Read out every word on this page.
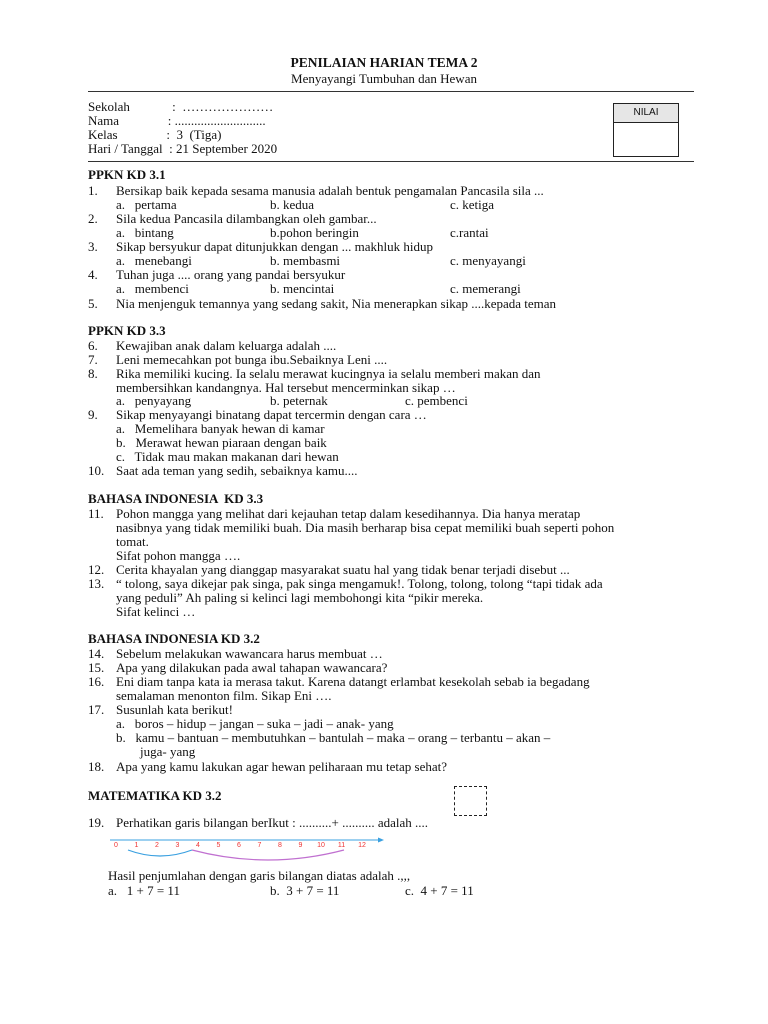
PENILAIAN HARIAN TEMA 2
Menyayangi Tumbuhan dan Hewan
Sekolah             :  …………………
Nama               : ............................
Kelas               :  3  (Tiga)
Hari / Tanggal  : 21 September 2020
NILAI
PPKN KD 3.1
1.	Bersikap baik kepada sesama manusia adalah bentuk pengamalan Pancasila sila ...
a.   pertama	b. kedua	c. ketiga
2.	Sila kedua Pancasila dilambangkan oleh gambar...
a.   bintang	b.pohon beringin	c.rantai
3.	Sikap bersyukur dapat ditunjukkan dengan ... makhluk hidup
a.   menebangi	b. membasmi	c. menyayangi
4.	Tuhan juga .... orang yang pandai bersyukur
a.   membenci	b. mencintai	c. memerangi
5.	Nia menjenguk temannya yang sedang sakit, Nia menerapkan sikap ....kepada teman
PPKN KD 3.3
6.	Kewajiban anak dalam keluarga adalah ....
7.	Leni memecahkan pot bunga ibu.Sebaiknya Leni ....
8.	Rika memiliki kucing. Ia selalu merawat kucingnya ia selalu memberi makan dan
membersihkan kandangnya. Hal tersebut mencerminkan sikap …
a.   penyayang	b. peternak	c. pembenci
9.	Sikap menyayangi binatang dapat tercermin dengan cara …
a.   Memelihara banyak hewan di kamar
b.   Merawat hewan piaraan dengan baik
c.   Tidak mau makan makanan dari hewan
10. Saat ada teman yang sedih, sebaiknya kamu....
BAHASA INDONESIA  KD 3.3
11. Pohon mangga yang melihat dari kejauhan tetap dalam kesedihannya. Dia hanya meratap
nasibnya yang tidak memiliki buah. Dia masih berharap bisa cepat memiliki buah seperti pohon
tomat.
Sifat pohon mangga ….
12. Cerita khayalan yang dianggap masyarakat suatu hal yang tidak benar terjadi disebut ...
13. “ tolong, saya dikejar pak singa, pak singa mengamuk!. Tolong, tolong, tolong “tapi tidak ada
yang peduli” Ah paling si kelinci lagi membohongi kita “pikir mereka.
Sifat kelinci …
BAHASA INDONESIA KD 3.2
14. Sebelum melakukan wawancara harus membuat …
15. Apa yang dilakukan pada awal tahapan wawancara?
16. Eni diam tanpa kata ia merasa takut. Karena datangt erlambat kesekolah sebab ia begadang
semalaman menonton film. Sikap Eni ….
17. Susunlah kata berikut!
a.   boros – hidup – jangan – suka – jadi – anak- yang
b.   kamu – bantuan – membutuhkan – bantulah – maka – orang – terbantu – akan –
juga- yang
18. Apa yang kamu lakukan agar hewan peliharaan mu tetap sehat?
MATEMATIKA KD 3.2
19. Perhatikan garis bilangan berIkut : ..........+ .......... adalah ....
0 1 2 3 4 5 6 7 8 9 10 11 12
Hasil penjumlahan dengan garis bilangan diatas adalah .,,,
a.   1 + 7 = 11	b.  3 + 7 = 11	c.  4 + 7 = 11
